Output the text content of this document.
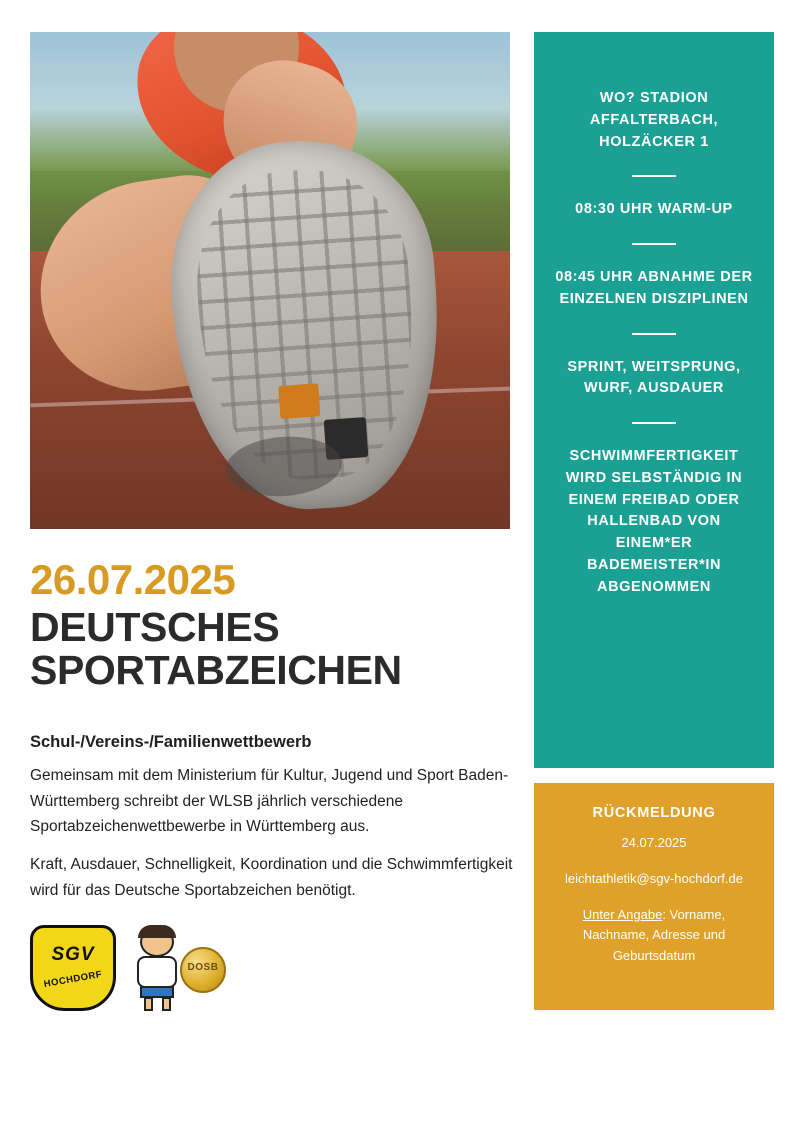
WO? STADION AFFALTERBACH, HOLZÄCKER 1
08:30 UHR WARM-UP
08:45 UHR ABNAHME DER EINZELNEN DISZIPLINEN
SPRINT, WEITSPRUNG, WURF, AUSDAUER
SCHWIMMFERTIGKEIT WIRD SELBSTÄNDIG IN EINEM FREIBAD ODER HALLENBAD VON EINEM*ER BADEMEISTER*IN ABGENOMMEN
RÜCKMELDUNG
24.07.2025
leichtathletik@sgv-hochdorf.de
Unter Angabe: Vorname, Nachname, Adresse und Geburtsdatum
26.07.2025
DEUTSCHES
SPORTABZEICHEN
Schul-/Vereins-/Familienwettbewerb
Gemeinsam mit dem Ministerium für Kultur, Jugend und Sport Baden-Württemberg schreibt der WLSB jährlich verschiedene Sportabzeichenwettbewerbe in Württemberg aus.
Kraft, Ausdauer, Schnelligkeit, Koordination und die Schwimmfertigkeit wird für das Deutsche Sportabzeichen benötigt.
SGV
HOCHDORF
DOSB
